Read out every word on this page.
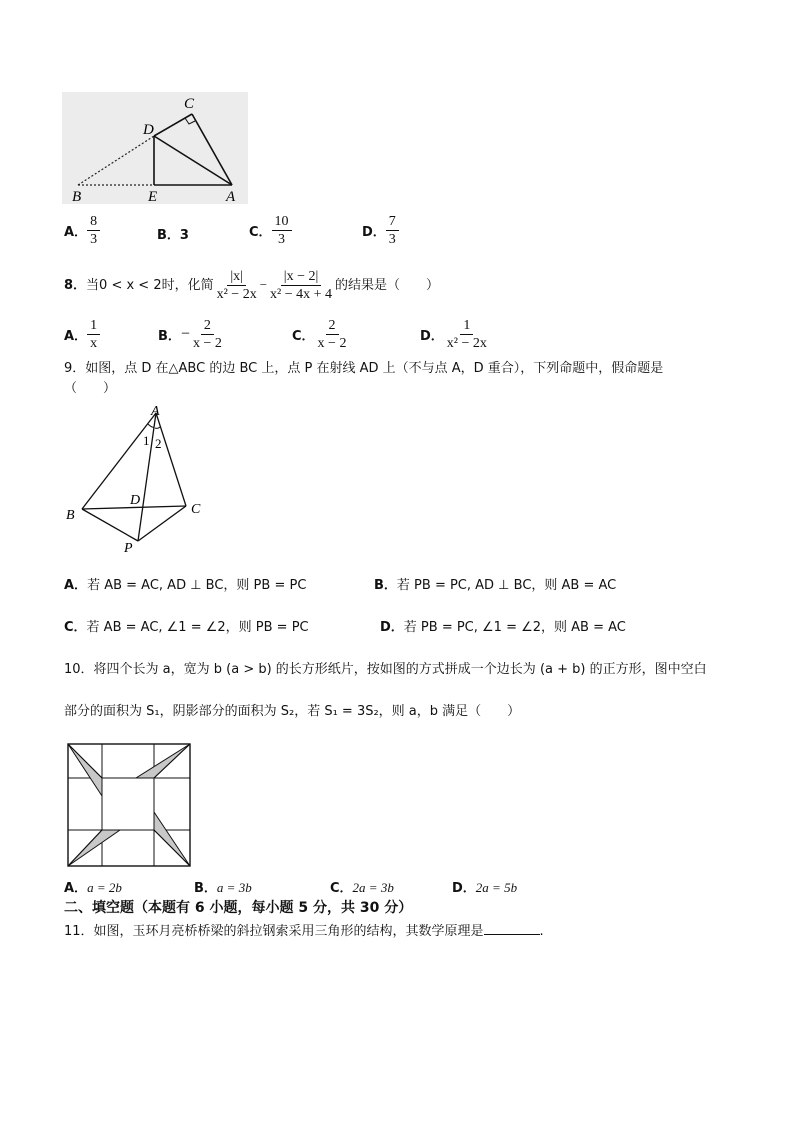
C
D
B	E	A
A． $\frac{8}{3}$	B．3	C． $\frac{10}{3}$	D． $\frac{7}{3}$
8．当0 < x < 2时，化简 $\frac{|x|}{\text{x² − 2x}} - \frac{|x - 2|}{\text{x² − 4x + 4}}$ 的结果是（　　）
A． $\frac{1}{x}$	B．− $\frac{2}{x - 2}$	C． $\frac{2}{x - 2}$	D． $\frac{1}{\text{x² − 2x}}$
9．如图，点 D 在△ABC 的边 BC 上，点 P 在射线 AD 上（不与点 A，D 重合），下列命题中，假命题是
（　　）
A
1 2
B
D
C
P
A．若 AB = AC, AD ⊥ BC，则 PB = PC	B．若 PB = PC, AD ⊥ BC，则 AB = AC
C．若 AB = AC, ∠1 = ∠2，则 PB = PC	D．若 PB = PC, ∠1 = ∠2，则 AB = AC
10．将四个长为 a，宽为 b (a > b) 的长方形纸片，按如图的方式拼成一个边长为 (a + b) 的正方形，图中空白
部分的面积为 S₁，阴影部分的面积为 S₂，若 S₁ = 3S₂，则 a，b 满足（　　）
A．a = 2b	B．a = 3b	C．2a = 3b	D．2a = 5b
二、填空题（本题有 6 小题，每小题 5 分，共 30 分）
11．如图，玉环月亮桥桥梁的斜拉钢索采用三角形的结构，其数学原理是	.
